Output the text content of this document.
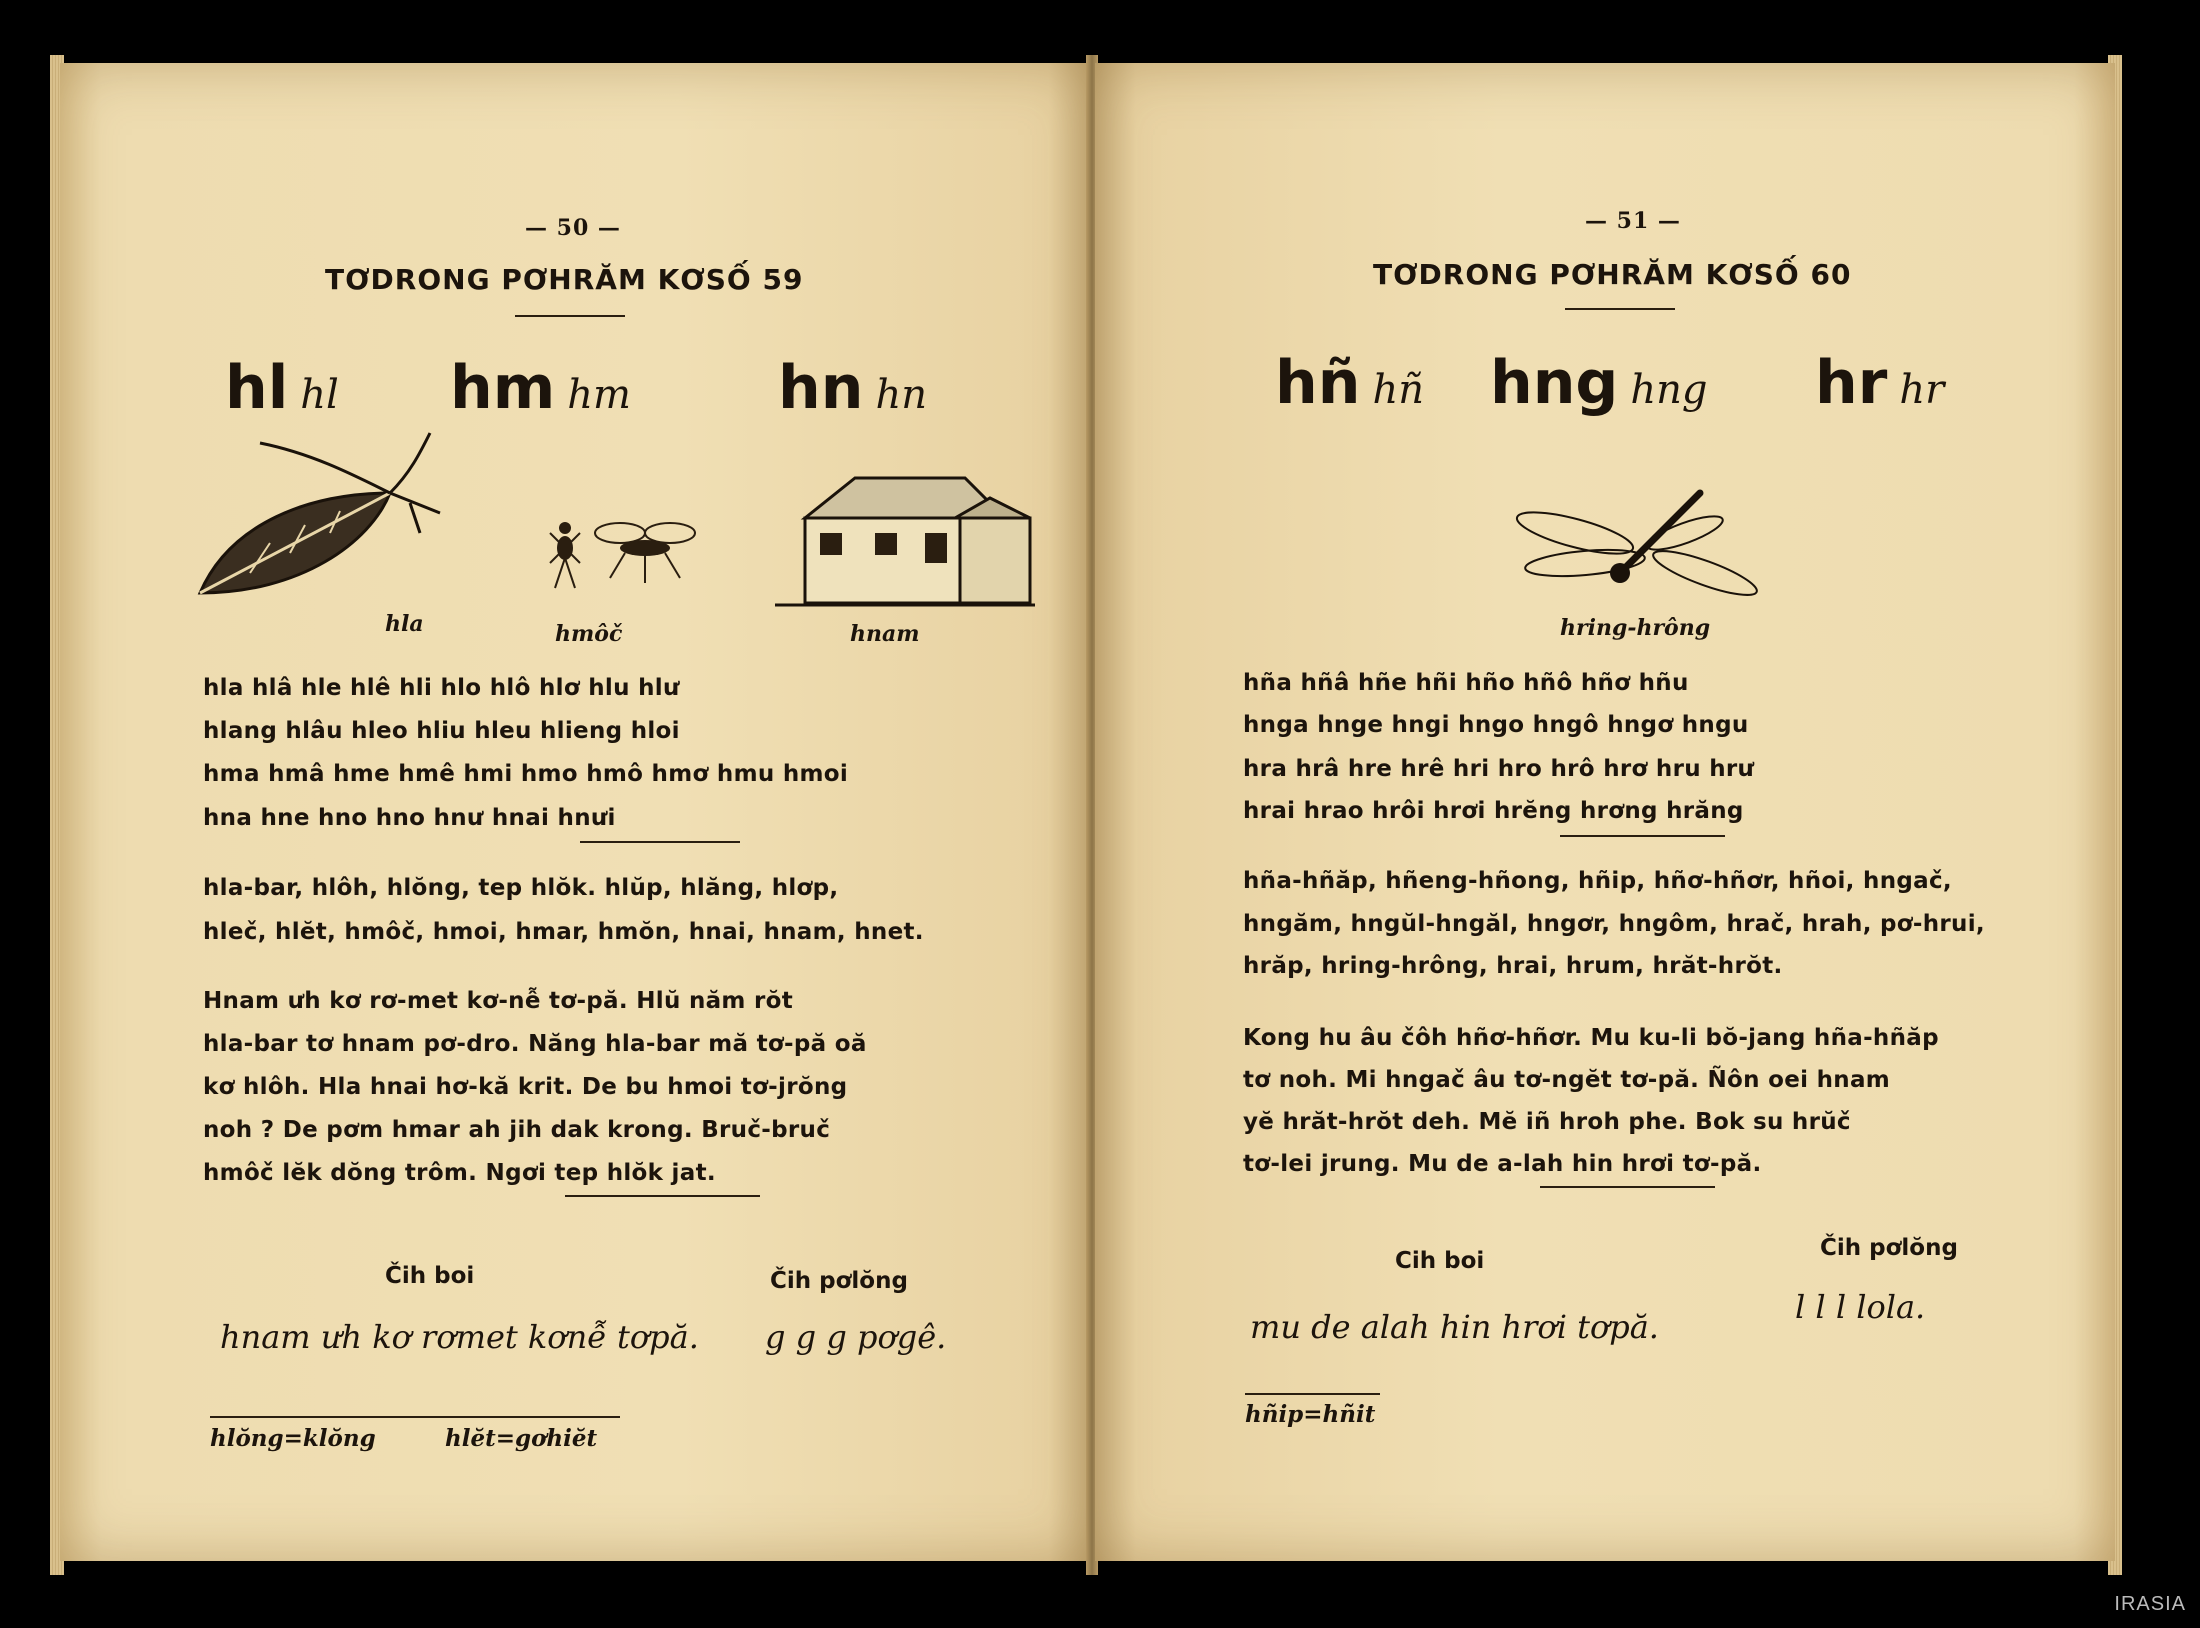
— 50 —
TƠDRONG PƠHRĂM KƠSỐ 59
hl hl hm hm hn hn
hla	hmôč	hnam
hla hlâ hle hlê hli hlo hlô hlơ hlu hlư
hlang hlâu hleo hliu hleu hlieng hloi
hma hmâ hme hmê hmi hmo hmô hmơ hmu hmoi
hna hne hno hno hnư hnai hnưi
hla-bar, hlôh, hlŏng, tep hlŏk. hlŭp, hlăng, hlơp,
hleč, hlĕt, hmôč, hmoi, hmar, hmŏn, hnai, hnam, hnet.
Hnam ưh kơ rơ-met kơ-nễ tơ-pă. Hlŭ năm rŏt
hla-bar tơ hnam pơ-dro. Năng hla-bar mă tơ-pă oă
kơ hlôh. Hla hnai hơ-kă krit. De bu hmoi tơ-jrŏng
noh ? De pơm hmar ah jih dak krong. Bruč-bruč
hmôč lĕk dŏng trôm. Ngơi tep hlŏk jat.
Čih boi	Čih pơlŏng
hnam ưh kơ rơmet kơnễ tơpă. g g g pơgê.
hlŏng=klŏng	hlĕt=gơhiĕt
— 51 —
TƠDRONG PƠHRĂM KƠSỐ 60
hñ hñ hng hng hr hr
hring-hrông
hña hñâ hñe hñi hño hñô hñơ hñu
hnga hnge hngi hngo hngô hngơ hngu
hra hrâ hre hrê hri hro hrô hrơ hru hrư
hrai hrao hrôi hrơi hrĕng hrơng hrăng
hña-hñăp, hñeng-hñong, hñip, hñơ-hñơr, hñoi, hngač,
hngăm, hngŭl-hngăl, hngơr, hngôm, hrač, hrah, pơ-hrui,
hrăp, hring-hrông, hrai, hrum, hrăt-hrŏt.
Kong hu âu čôh hñơ-hñơr. Mu ku-li bŏ-jang hña-hñăp
tơ noh. Mi hngač âu tơ-ngĕt tơ-pă. Ñôn oei hnam
yĕ hrăt-hrŏt deh. Mĕ iñ hroh phe. Bok su hrŭč
tơ-lei jrung. Mu de a-lah hin hrơi tơ-pă.
Cih boi	Čih pơlŏng
mu de alah hin hrơi tơpă.
l l l lola.
hñip=hñit
IRASIA
